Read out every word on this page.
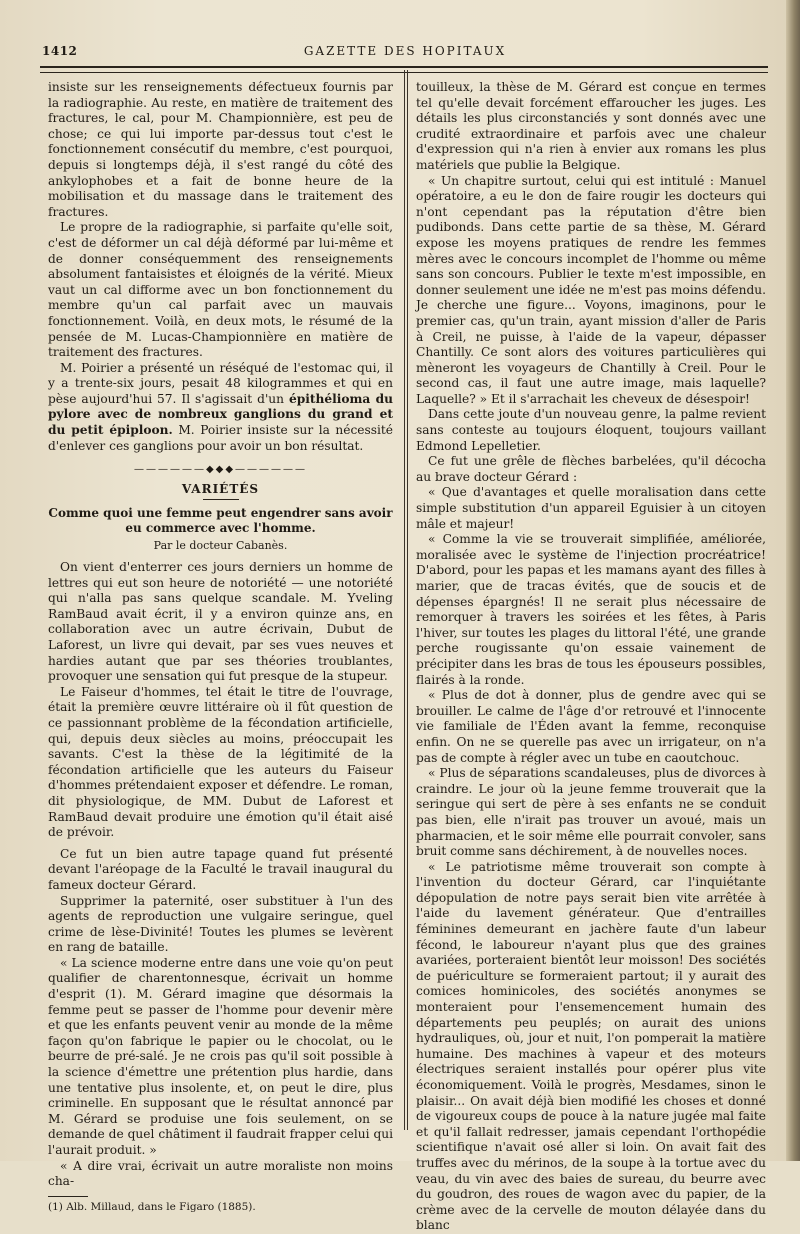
1412	GAZETTE DES HOPITAUX

insiste sur les renseignements défectueux fournis par la radiographie. Au reste, en matière de traitement des fractures, le cal, pour M. Championnière, est peu de chose; ce qui lui importe par-dessus tout c'est le fonctionnement consécutif du membre, c'est pourquoi, depuis si longtemps déjà, il s'est rangé du côté des ankylophobes et a fait de bonne heure de la mobilisation et du massage dans le traitement des fractures.

Le propre de la radiographie, si parfaite qu'elle soit, c'est de déformer un cal déjà déformé par lui-même et de donner conséquemment des renseignements absolument fantaisistes et éloignés de la vérité. Mieux vaut un cal difforme avec un bon fonctionnement du membre qu'un cal parfait avec un mauvais fonctionnement. Voilà, en deux mots, le résumé de la pensée de M. Lucas-Championnière en matière de traitement des fractures.

M. Poirier a présenté un réséqué de l'estomac qui, il y a trente-six jours, pesait 48 kilogrammes et qui en pèse aujourd'hui 57. Il s'agissait d'un épithélioma du pylore avec de nombreux ganglions du grand et du petit épiploon. M. Poirier insiste sur la nécessité d'enlever ces ganglions pour avoir un bon résultat.

——————◆◆◆——————
VARIÉTÉS
Comme quoi une femme peut engendrer sans avoir
eu commerce avec l'homme.
Par le docteur Cabanès.

On vient d'enterrer ces jours derniers un homme de lettres qui eut son heure de notoriété — une notoriété qui n'alla pas sans quelque scandale. M. Yveling RamBaud avait écrit, il y a environ quinze ans, en collaboration avec un autre écrivain, Dubut de Laforest, un livre qui devait, par ses vues neuves et hardies autant que par ses théories troublantes, provoquer une sensation qui fut presque de la stupeur.

Le Faiseur d'hommes, tel était le titre de l'ouvrage, était la première œuvre littéraire où il fût question de ce passionnant problème de la fécondation artificielle, qui, depuis deux siècles au moins, préoccupait les savants. C'est la thèse de la légitimité de la fécondation artificielle que les auteurs du Faiseur d'hommes prétendaient exposer et défendre. Le roman, dit physiologique, de MM. Dubut de Laforest et RamBaud devait produire une émotion qu'il était aisé de prévoir.

Ce fut un bien autre tapage quand fut présenté devant l'aréopage de la Faculté le travail inaugural du fameux docteur Gérard.

Supprimer la paternité, oser substituer à l'un des agents de reproduction une vulgaire seringue, quel crime de lèse-Divinité! Toutes les plumes se levèrent en rang de bataille.

« La science moderne entre dans une voie qu'on peut qualifier de charentonnesque, écrivait un homme d'esprit (1). M. Gérard imagine que désormais la femme peut se passer de l'homme pour devenir mère et que les enfants peuvent venir au monde de la même façon qu'on fabrique le papier ou le chocolat, ou le beurre de pré-salé. Je ne crois pas qu'il soit possible à la science d'émettre une prétention plus hardie, dans une tentative plus insolente, et, on peut le dire, plus criminelle. En supposant que le résultat annoncé par M. Gérard se produise une fois seulement, on se demande de quel châtiment il faudrait frapper celui qui l'aurait produit. »

« A dire vrai, écrivait un autre moraliste non moins cha-

(1) Alb. Millaud, dans le Figaro (1885).

touilleux, la thèse de M. Gérard est conçue en termes tel qu'elle devait forcément effaroucher les juges. Les détails les plus circonstanciés y sont donnés avec une crudité extraordinaire et parfois avec une chaleur d'expression qui n'a rien à envier aux romans les plus matériels que publie la Belgique.

« Un chapitre surtout, celui qui est intitulé : Manuel opératoire, a eu le don de faire rougir les docteurs qui n'ont cependant pas la réputation d'être bien pudibonds. Dans cette partie de sa thèse, M. Gérard expose les moyens pratiques de rendre les femmes mères avec le concours incomplet de l'homme ou même sans son concours. Publier le texte m'est impossible, en donner seulement une idée ne m'est pas moins défendu. Je cherche une figure... Voyons, imaginons, pour le premier cas, qu'un train, ayant mission d'aller de Paris à Creil, ne puisse, à l'aide de la vapeur, dépasser Chantilly. Ce sont alors des voitures particulières qui mèneront les voyageurs de Chantilly à Creil. Pour le second cas, il faut une autre image, mais laquelle? Laquelle? » Et il s'arrachait les cheveux de désespoir!

Dans cette joute d'un nouveau genre, la palme revient sans conteste au toujours éloquent, toujours vaillant Edmond Lepelletier.

Ce fut une grêle de flèches barbelées, qu'il décocha au brave docteur Gérard :

« Que d'avantages et quelle moralisation dans cette simple substitution d'un appareil Eguisier à un citoyen mâle et majeur!

« Comme la vie se trouverait simplifiée, améliorée, moralisée avec le système de l'injection procréatrice! D'abord, pour les papas et les mamans ayant des filles à marier, que de tracas évités, que de soucis et de dépenses épargnés! Il ne serait plus nécessaire de remorquer à travers les soirées et les fêtes, à Paris l'hiver, sur toutes les plages du littoral l'été, une grande perche rougissante qu'on essaie vainement de précipiter dans les bras de tous les épouseurs possibles, flairés à la ronde.

« Plus de dot à donner, plus de gendre avec qui se brouiller. Le calme de l'âge d'or retrouvé et l'innocente vie familiale de l'Éden avant la femme, reconquise enfin. On ne se querelle pas avec un irrigateur, on n'a pas de compte à régler avec un tube en caoutchouc.

« Plus de séparations scandaleuses, plus de divorces à craindre. Le jour où la jeune femme trouverait que la seringue qui sert de père à ses enfants ne se conduit pas bien, elle n'irait pas trouver un avoué, mais un pharmacien, et le soir même elle pourrait convoler, sans bruit comme sans déchirement, à de nouvelles noces.

« Le patriotisme même trouverait son compte à l'invention du docteur Gérard, car l'inquiétante dépopulation de notre pays serait bien vite arrêtée à l'aide du lavement générateur. Que d'entrailles féminines demeurant en jachère faute d'un labeur fécond, le laboureur n'ayant plus que des graines avariées, porteraient bientôt leur moisson! Des sociétés de puériculture se formeraient partout; il y aurait des comices hominicoles, des sociétés anonymes se monteraient pour l'ensemencement humain des départements peu peuplés; on aurait des unions hydrauliques, où, jour et nuit, l'on pomperait la matière humaine. Des machines à vapeur et des moteurs électriques seraient installés pour opérer plus vite économiquement. Voilà le progrès, Mesdames, sinon le plaisir... On avait déjà bien modifié les choses et donné de vigoureux coups de pouce à la nature jugée mal faite et qu'il fallait redresser, jamais cependant l'orthopédie scientifique n'avait osé aller si loin. On avait fait des truffes avec du mérinos, de la soupe à la tortue avec du veau, du vin avec des baies de sureau, du beurre avec du goudron, des roues de wagon avec du papier, de la crème avec de la cervelle de mouton délayée dans du blanc
